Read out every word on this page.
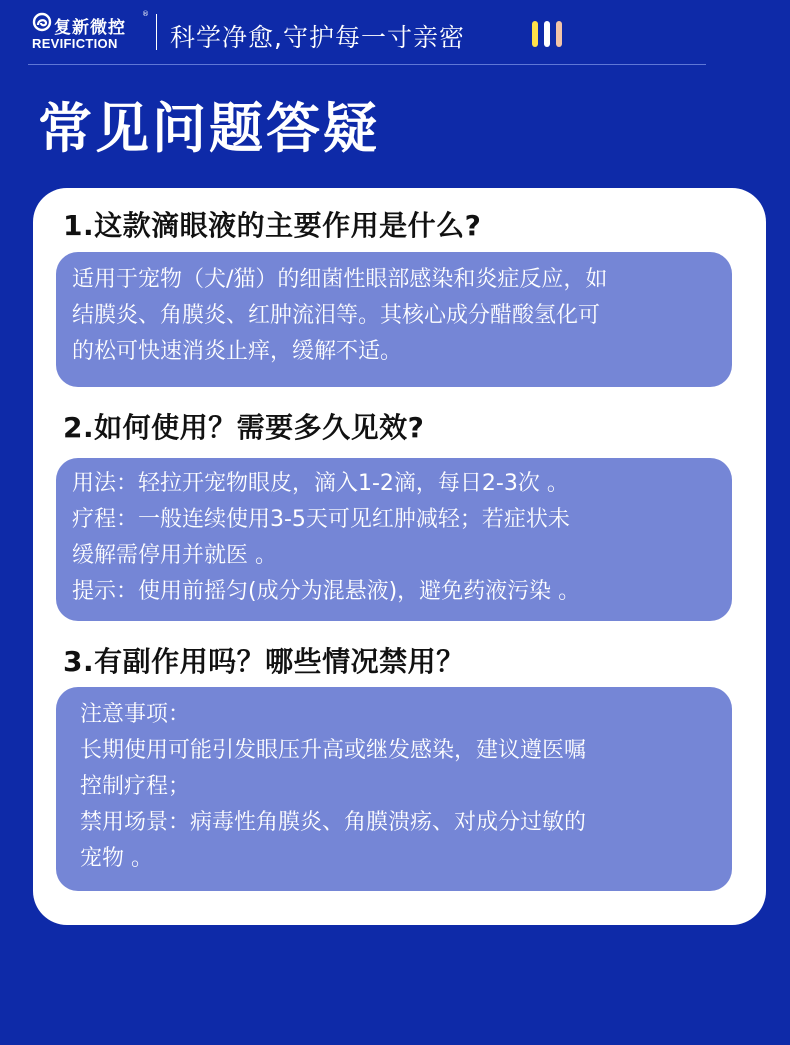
复新微控
®
REVIFICTION 科学净愈,守护每一寸亲密
常见问题答疑
1.这款滴眼液的主要作用是什么?

适用于宠物（犬/猫）的细菌性眼部感染和炎症反应，如

结膜炎、角膜炎、红肿流泪等。其核心成分醋酸氢化可

的松可快速消炎止痒，缓解不适。

2.如何使用？需要多久见效?

用法：轻拉开宠物眼皮，滴入1-2滴，每日2-3次 。

疗程：一般连续使用3-5天可见红肿减轻；若症状未

缓解需停用并就医 。

提示：使用前摇匀(成分为混悬液)，避免药液污染 。

3.有副作用吗？哪些情况禁用？

注意事项：

长期使用可能引发眼压升高或继发感染，建议遵医嘱

控制疗程；

禁用场景：病毒性角膜炎、角膜溃疡、对成分过敏的

宠物 。
